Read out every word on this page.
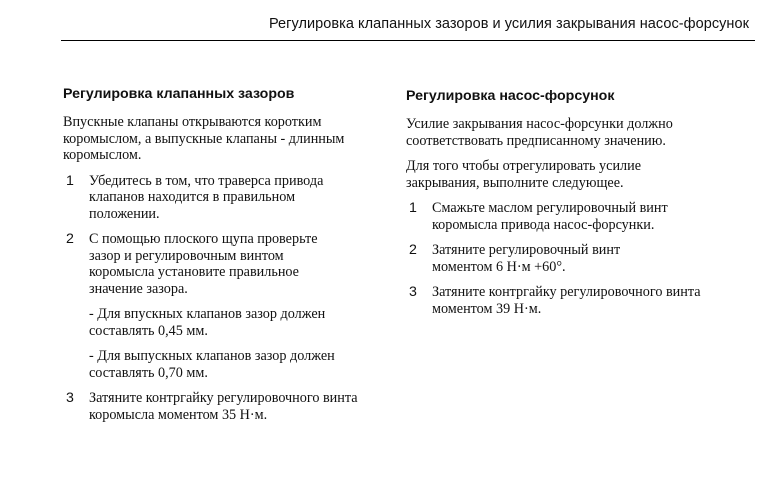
Регулировка клапанных зазоров и усилия закрывания насос-форсунок
Регулировка клапанных зазоров

Впускные клапаны открываются коротким коромыслом, а выпускные клапаны - длинным коромыслом.

1 Убедитесь в том, что траверса привода клапанов находится в правильном положении.
2 С помощью плоского щупа проверьте зазор и регулировочным винтом коромысла установите правильное значение зазора.
- Для впускных клапанов зазор должен составлять 0,45 мм.
- Для выпускных клапанов зазор должен составлять 0,70 мм.
3 Затяните контргайку регулировочного винта коромысла моментом 35 Н·м.
Регулировка насос-форсунок

Усилие закрывания насос-форсунки должно соответствовать предписанному значению.

Для того чтобы отрегулировать усилие закрывания, выполните следующее.

1 Смажьте маслом регулировочный винт коромысла привода насос-форсунки.
2 Затяните регулировочный винт моментом 6 Н·м +60°.
3 Затяните контргайку регулировочного винта моментом 39 Н·м.
